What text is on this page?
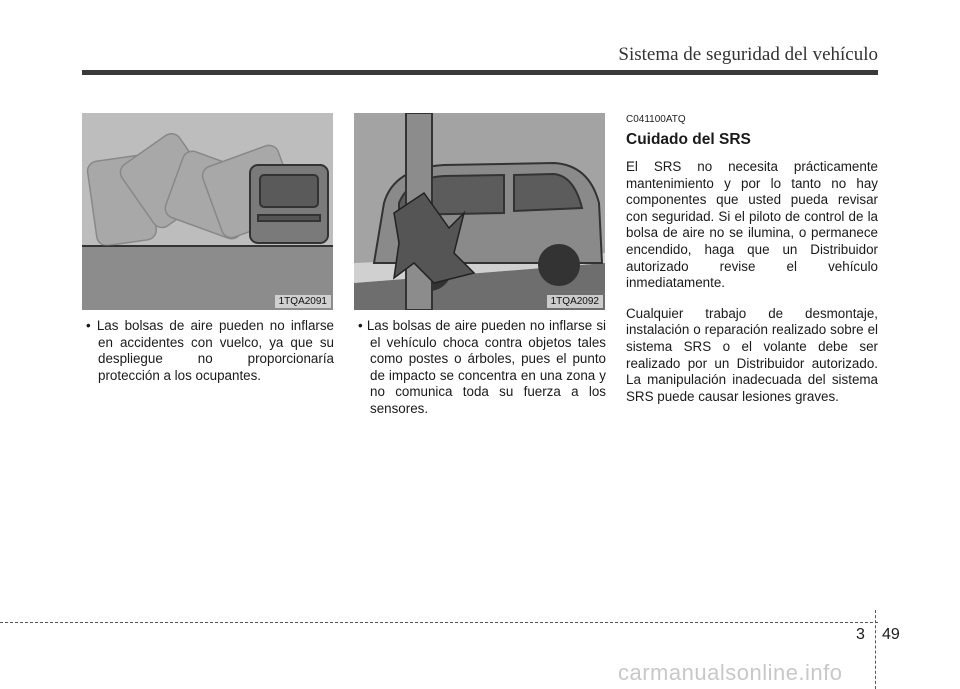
Sistema de seguridad del vehículo
1TQA2091	1TQA2092
• Las bolsas de aire pueden no inflarse en accidentes con vuelco, ya que su despliegue no proporcionaría protección a los ocupantes.
• Las bolsas de aire pueden no inflarse si el vehículo choca contra objetos tales como postes o árboles, pues el punto de impacto se concentra en una zona y no comunica toda su fuerza a los sensores.
C041100ATQ
Cuidado del SRS
El SRS no necesita prácticamente mantenimiento y por lo tanto no hay componentes que usted pueda revisar con seguridad. Si el piloto de control de la bolsa de aire no se ilumina, o permanece encendido, haga que un Distribuidor autorizado revise el vehículo inmediatamente.
Cualquier trabajo de desmontaje, instalación o reparación realizado sobre el sistema SRS o el volante debe ser realizado por un Distribuidor autorizado. La manipulación inadecuada del sistema SRS puede causar lesiones graves.
3 49
carmanualsonline.info
